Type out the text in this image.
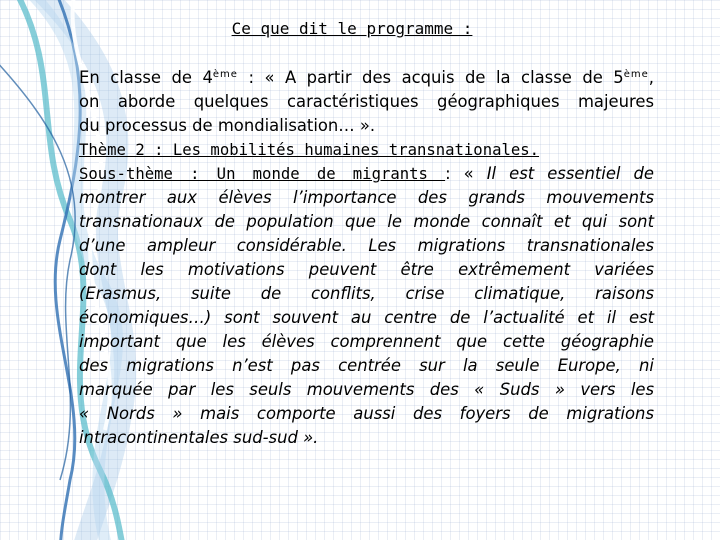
Ce que dit le programme :
En classe de 4ème : « A partir des acquis de la classe de 5ème,
on aborde quelques caractéristiques géographiques majeures
du processus de mondialisation… ».
Thème 2 : Les mobilités humaines transnationales.
Sous-thème : Un monde de migrants : « Il est essentiel de
montrer aux élèves l’importance des grands mouvements
transnationaux de population que le monde connaît et qui sont
d’une ampleur considérable. Les migrations transnationales
dont les motivations peuvent être extrêmement variées
(Erasmus, suite de conflits, crise climatique, raisons
économiques…) sont souvent au centre de l’actualité et il est
important que les élèves comprennent que cette géographie
des migrations n’est pas centrée sur la seule Europe, ni
marquée par les seuls mouvements des « Suds » vers les
« Nords » mais comporte aussi des foyers de migrations
intracontinentales sud-sud ».
